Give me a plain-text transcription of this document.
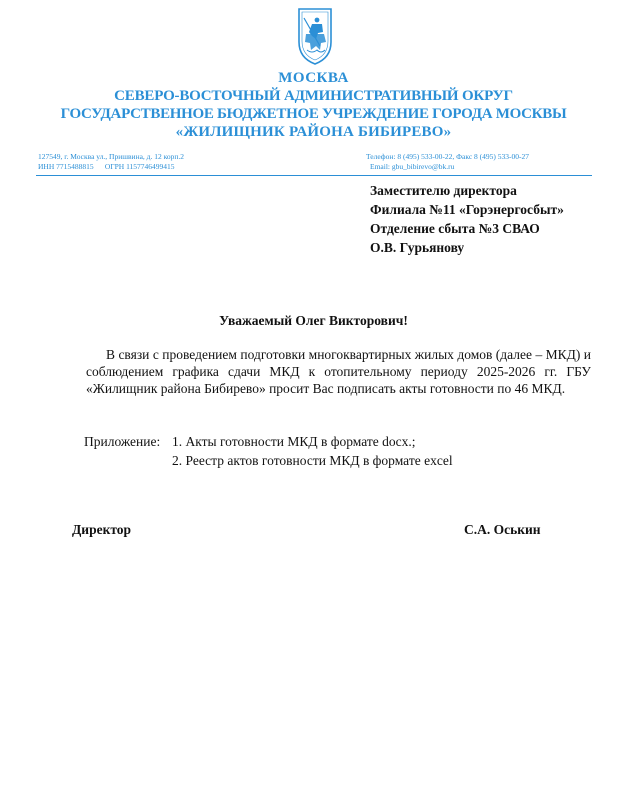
МОСКВА
СЕВЕРО-ВОСТОЧНЫЙ АДМИНИСТРАТИВНЫЙ ОКРУГ
ГОСУДАРСТВЕННОЕ БЮДЖЕТНОЕ УЧРЕЖДЕНИЕ ГОРОДА МОСКВЫ
«ЖИЛИЩНИК РАЙОНА БИБИРЕВО»
127549, г. Москва ул., Пришвина, д. 12 корп.2
ИНН 7715488815      ОГРН 1157746499415
Телефон: 8 (495) 533-00-22, Факс 8 (495) 533-00-27
Email: gbu_bibirevo@bk.ru
Заместителю директора
Филиала №11 «Горэнергосбыт»
Отделение сбыта №3 СВАО
О.В. Гурьянову
Уважаемый Олег Викторович!
В связи с проведением подготовки многоквартирных жилых домов (далее – МКД) и соблюдением графика сдачи МКД к отопительному периоду 2025-2026 гг. ГБУ «Жилищник района Бибирево» просит Вас подписать акты готовности по 46 МКД.
Приложение: 1. Акты готовности МКД в формате docx.;
2. Реестр актов готовности МКД в формате excel
Директор	С.А. Оськин
